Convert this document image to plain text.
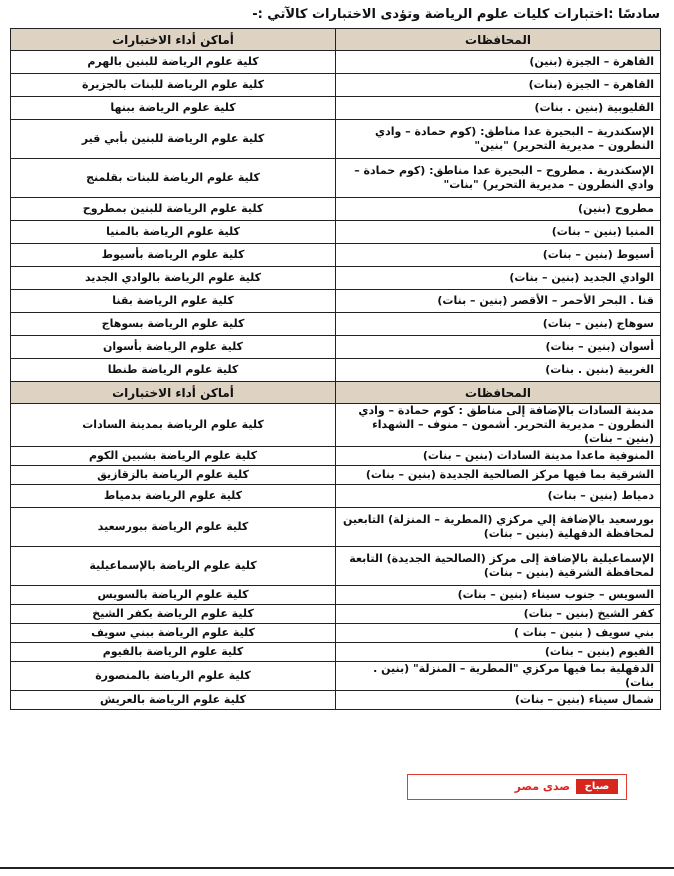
سادسًا :اختبارات كليات علوم الرياضة وتؤدى الاختبارات كالآتي :-
المحافظات	أماكن أداء الاختبارات
القاهرة – الجيزة (بنين)	كلية علوم الرياضة للبنين بالهرم
القاهرة – الجيزة (بنات)	كلية علوم الرياضة للبنات بالجزيرة
القليوبية (بنين . بنات)	كلية علوم الرياضة ببنها
الإسكندرية – البحيرة عدا مناطق: (كوم حمادة – وادي النطرون – مديرية التحرير) "بنين"	كلية علوم الرياضة للبنين بأبي قير
الإسكندرية . مطروح – البحيرة عدا مناطق: (كوم حمادة – وادي النطرون – مديرية التحرير) "بنات"	كلية علوم الرياضة للبنات بقلمنج
مطروح (بنين)	كلية علوم الرياضة للبنين بمطروح
المنيا (بنين – بنات)	كلية علوم الرياضة بالمنيا
أسيوط (بنين – بنات)	كلية علوم الرياضة بأسيوط
الوادي الجديد (بنين – بنات)	كلية علوم الرياضة بالوادي الجديد
قنا . البحر الأحمر – الأقصر (بنين – بنات)	كلية علوم الرياضة بقنا
سوهاج (بنين – بنات)	كلية علوم الرياضة بسوهاج
أسوان (بنين – بنات)	كلية علوم الرياضة بأسوان
الغربية (بنين . بنات)	كلية علوم الرياضة طنطا
المحافظات	أماكن أداء الاختبارات
مدينة السادات بالإضافة إلى مناطق : كوم حمادة – وادي النطرون – مديرية التحرير. أشمون – منوف – الشهداء (بنين – بنات)	كلية علوم الرياضة بمدينة السادات
المنوفية ماعدا مدينة السادات (بنين – بنات)	كلية علوم الرياضة بشبين الكوم
الشرقية بما فيها مركز الصالحية الجديدة (بنين – بنات)	كلية علوم الرياضة بالزقازيق
دمياط (بنين – بنات)	كلية علوم الرياضة بدمياط
بورسعيد بالإضافة إلي مركزي (المطرية – المنزلة) التابعين لمحافظة الدقهلية (بنين – بنات)	كلية علوم الرياضة ببورسعيد
الإسماعيلية بالإضافة إلى مركز (الصالحية الجديدة) التابعة لمحافظة الشرقية (بنين – بنات)	كلية علوم الرياضة بالإسماعيلية
السويس – جنوب سيناء (بنين – بنات)	كلية علوم الرياضة بالسويس
كفر الشيخ (بنين – بنات)	كلية علوم الرياضة بكفر الشيخ
بني سويف ( بنين – بنات )	كلية علوم الرياضة ببني سويف
الفيوم (بنين – بنات)	كلية علوم الرياضة بالفيوم
الدقهلية بما فيها مركزي "المطرية – المنزلة" (بنين . بنات)	كلية علوم الرياضة بالمنصورة
شمال سيناء (بنين – بنات)	كلية علوم الرياضة بالعريش
صباح
صدى مصر
